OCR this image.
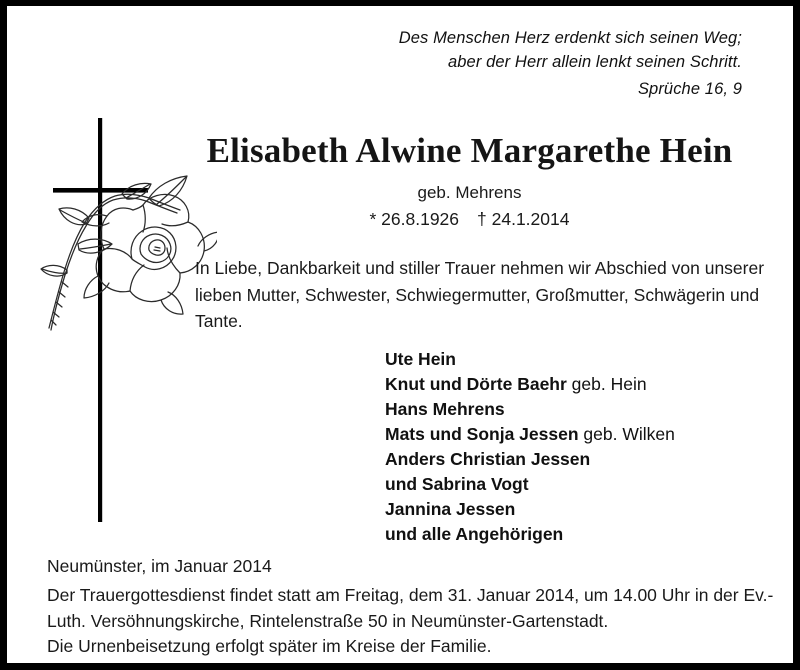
Des Menschen Herz erdenkt sich seinen Weg;
aber der Herr allein lenkt seinen Schritt.
Sprüche 16, 9
Elisabeth Alwine Margarethe Hein
geb. Mehrens
* 26.8.1926 † 24.1.2014
In Liebe, Dankbarkeit und stiller Trauer nehmen wir Abschied von unserer lieben Mutter, Schwester, Schwiegermutter, Großmutter, Schwägerin und Tante.
Ute Hein
Knut und Dörte Baehr geb. Hein
Hans Mehrens
Mats und Sonja Jessen geb. Wilken
Anders Christian Jessen
und Sabrina Vogt
Jannina Jessen
und alle Angehörigen
Neumünster, im Januar 2014
Der Trauergottesdienst findet statt am Freitag, dem 31. Januar 2014, um 14.00 Uhr in der Ev.- Luth. Versöhnungskirche, Rintelenstraße 50 in Neumünster-Gartenstadt.
Die Urnenbeisetzung erfolgt später im Kreise der Familie.
